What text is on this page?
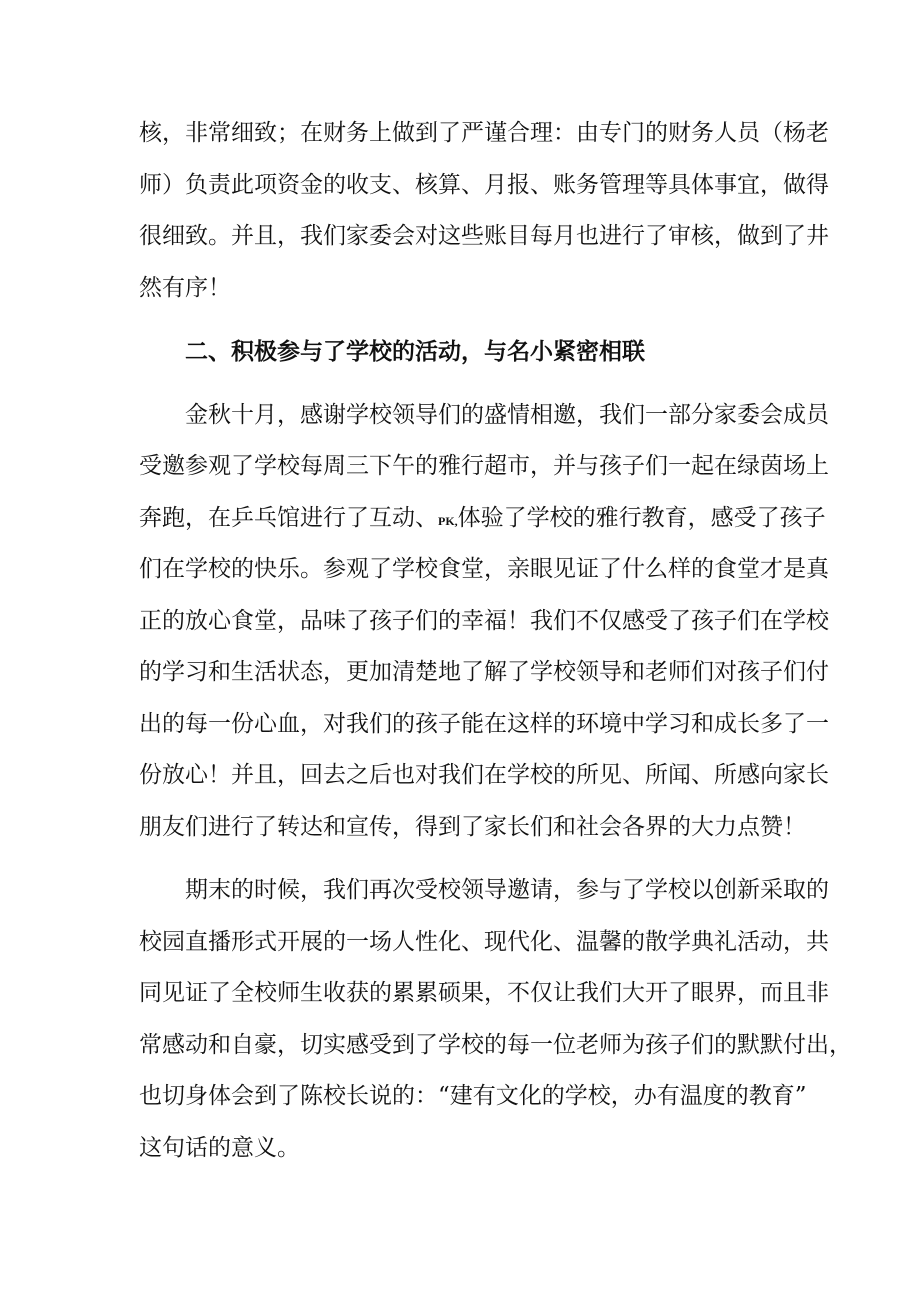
核，非常细致；在财务上做到了严谨合理：由专门的财务人员（杨老
师）负责此项资金的收支、核算、月报、账务管理等具体事宜，做得
很细致。并且，我们家委会对这些账目每月也进行了审核，做到了井
然有序！
二、积极参与了学校的活动，与名小紧密相联
金秋十月，感谢学校领导们的盛情相邀，我们一部分家委会成员
受邀参观了学校每周三下午的雅行超市，并与孩子们一起在绿茵场上
奔跑，在乒乓馆进行了互动、PK,体验了学校的雅行教育，感受了孩子
们在学校的快乐。参观了学校食堂，亲眼见证了什么样的食堂才是真
正的放心食堂，品味了孩子们的幸福！我们不仅感受了孩子们在学校
的学习和生活状态，更加清楚地了解了学校领导和老师们对孩子们付
出的每一份心血，对我们的孩子能在这样的环境中学习和成长多了一
份放心！并且，回去之后也对我们在学校的所见、所闻、所感向家长
朋友们进行了转达和宣传，得到了家长们和社会各界的大力点赞！
期末的时候，我们再次受校领导邀请，参与了学校以创新采取的
校园直播形式开展的一场人性化、现代化、温馨的散学典礼活动，共
同见证了全校师生收获的累累硕果，不仅让我们大开了眼界，而且非
常感动和自豪，切实感受到了学校的每一位老师为孩子们的默默付出，
也切身体会到了陈校长说的：“建有文化的学校，办有温度的教育”
这句话的意义。
